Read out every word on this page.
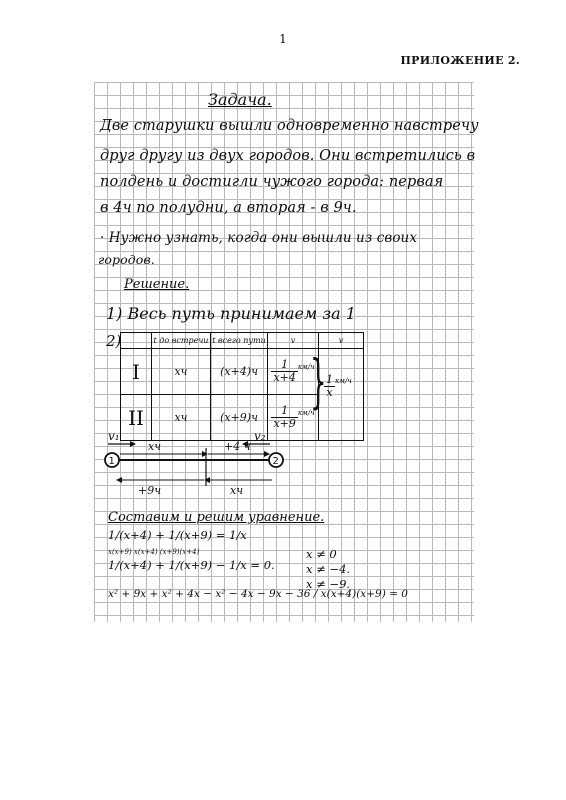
1
ПРИЛОЖЕНИЕ 2.
Задача.
Две старушки вышли одновременно навстречу
друг другу из двух городов. Они встретились в
полдень и достигли чужого города: первая
в 4ч по полудни, а вторая - в 9ч.
· Нужно узнать, когда они вышли из своих
городов.
Решение.
1) Весь путь принимаем за 1
2)
		t до встречи	t всего пути	v	v
I	xч	(x+4)ч	$\frac{1}{x+4} ^{км/ч}$	
II	xч	(x+9)ч	$\frac{1}{x+9} ^{км/ч}$
}
$\frac{1}{x} ^{км/ч}$
v₁	v₂
1	2
xч	+4 ч
+9ч	xч
Составим и решим уравнение.
1/(x+4) + 1/(x+9) = 1/x
x(x+9) x(x+4) (x+9)(x+4)
1/(x+4) + 1/(x+9) − 1/x = 0.
x ≠ 0
x ≠ −4.
x ≠ −9.
x² + 9x + x² + 4x − x² − 4x − 9x − 36 / x(x+4)(x+9) = 0
